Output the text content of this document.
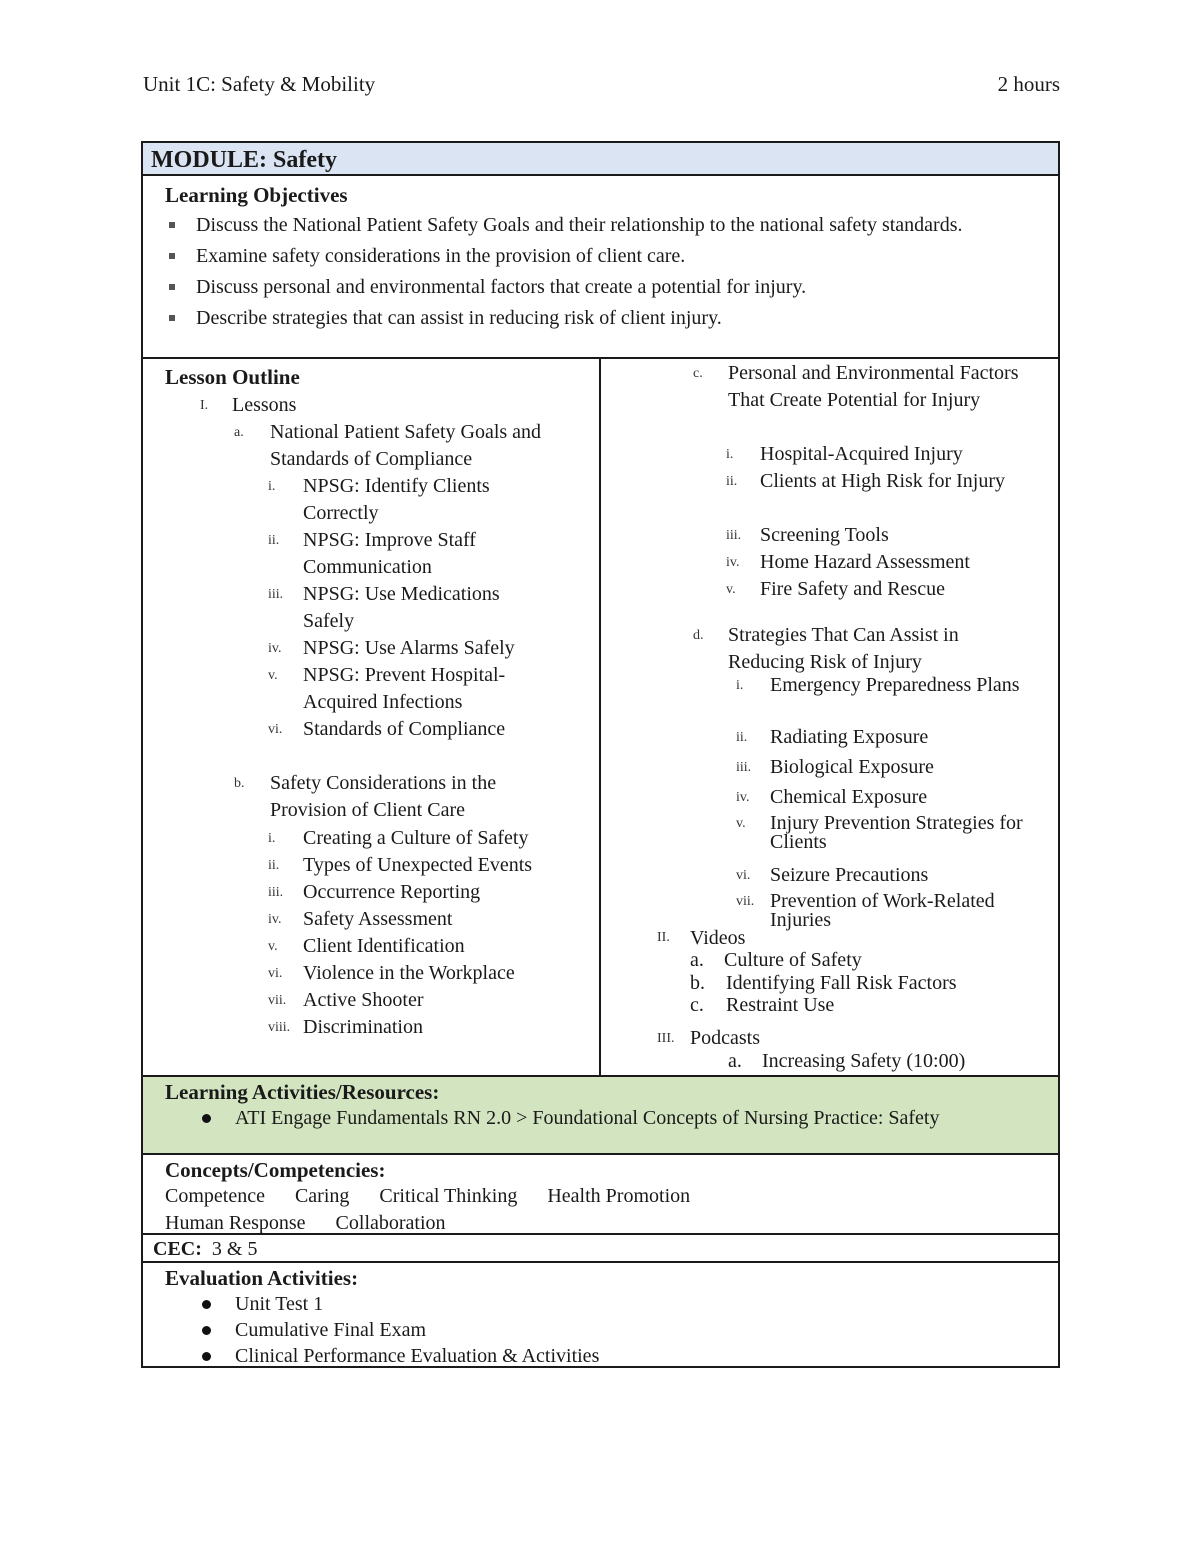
Unit 1C: Safety & Mobility	2 hours
MODULE: Safety
Learning Objectives
Discuss the National Patient Safety Goals and their relationship to the national safety standards.
Examine safety considerations in the provision of client care.
Discuss personal and environmental factors that create a potential for injury.
Describe strategies that can assist in reducing risk of client injury.
Lesson Outline
I. Lessons
a. National Patient Safety Goals and Standards of Compliance
i. NPSG: Identify Clients Correctly
ii. NPSG: Improve Staff Communication
iii. NPSG: Use Medications Safely
iv. NPSG: Use Alarms Safely
v. NPSG: Prevent Hospital-Acquired Infections
vi. Standards of Compliance
b. Safety Considerations in the Provision of Client Care
i. Creating a Culture of Safety
ii. Types of Unexpected Events
iii. Occurrence Reporting
iv. Safety Assessment
v. Client Identification
vi. Violence in the Workplace
vii. Active Shooter
viii. Discrimination
c. Personal and Environmental Factors That Create Potential for Injury
i. Hospital-Acquired Injury
ii. Clients at High Risk for Injury
iii. Screening Tools
iv. Home Hazard Assessment
v. Fire Safety and Rescue
d. Strategies That Can Assist in Reducing Risk of Injury
i. Emergency Preparedness Plans
ii. Radiating Exposure
iii. Biological Exposure
iv. Chemical Exposure
v. Injury Prevention Strategies for Clients
vi. Seizure Precautions
vii. Prevention of Work-Related Injuries
II. Videos
a. Culture of Safety
b. Identifying Fall Risk Factors
c. Restraint Use
III. Podcasts
a. Increasing Safety (10:00)
Learning Activities/Resources:
ATI Engage Fundamentals RN 2.0 > Foundational Concepts of Nursing Practice: Safety
Concepts/Competencies:
Competence Caring Critical Thinking Health Promotion
Human Response Collaboration
CEC: 3 & 5
Evaluation Activities:
Unit Test 1
Cumulative Final Exam
Clinical Performance Evaluation & Activities
